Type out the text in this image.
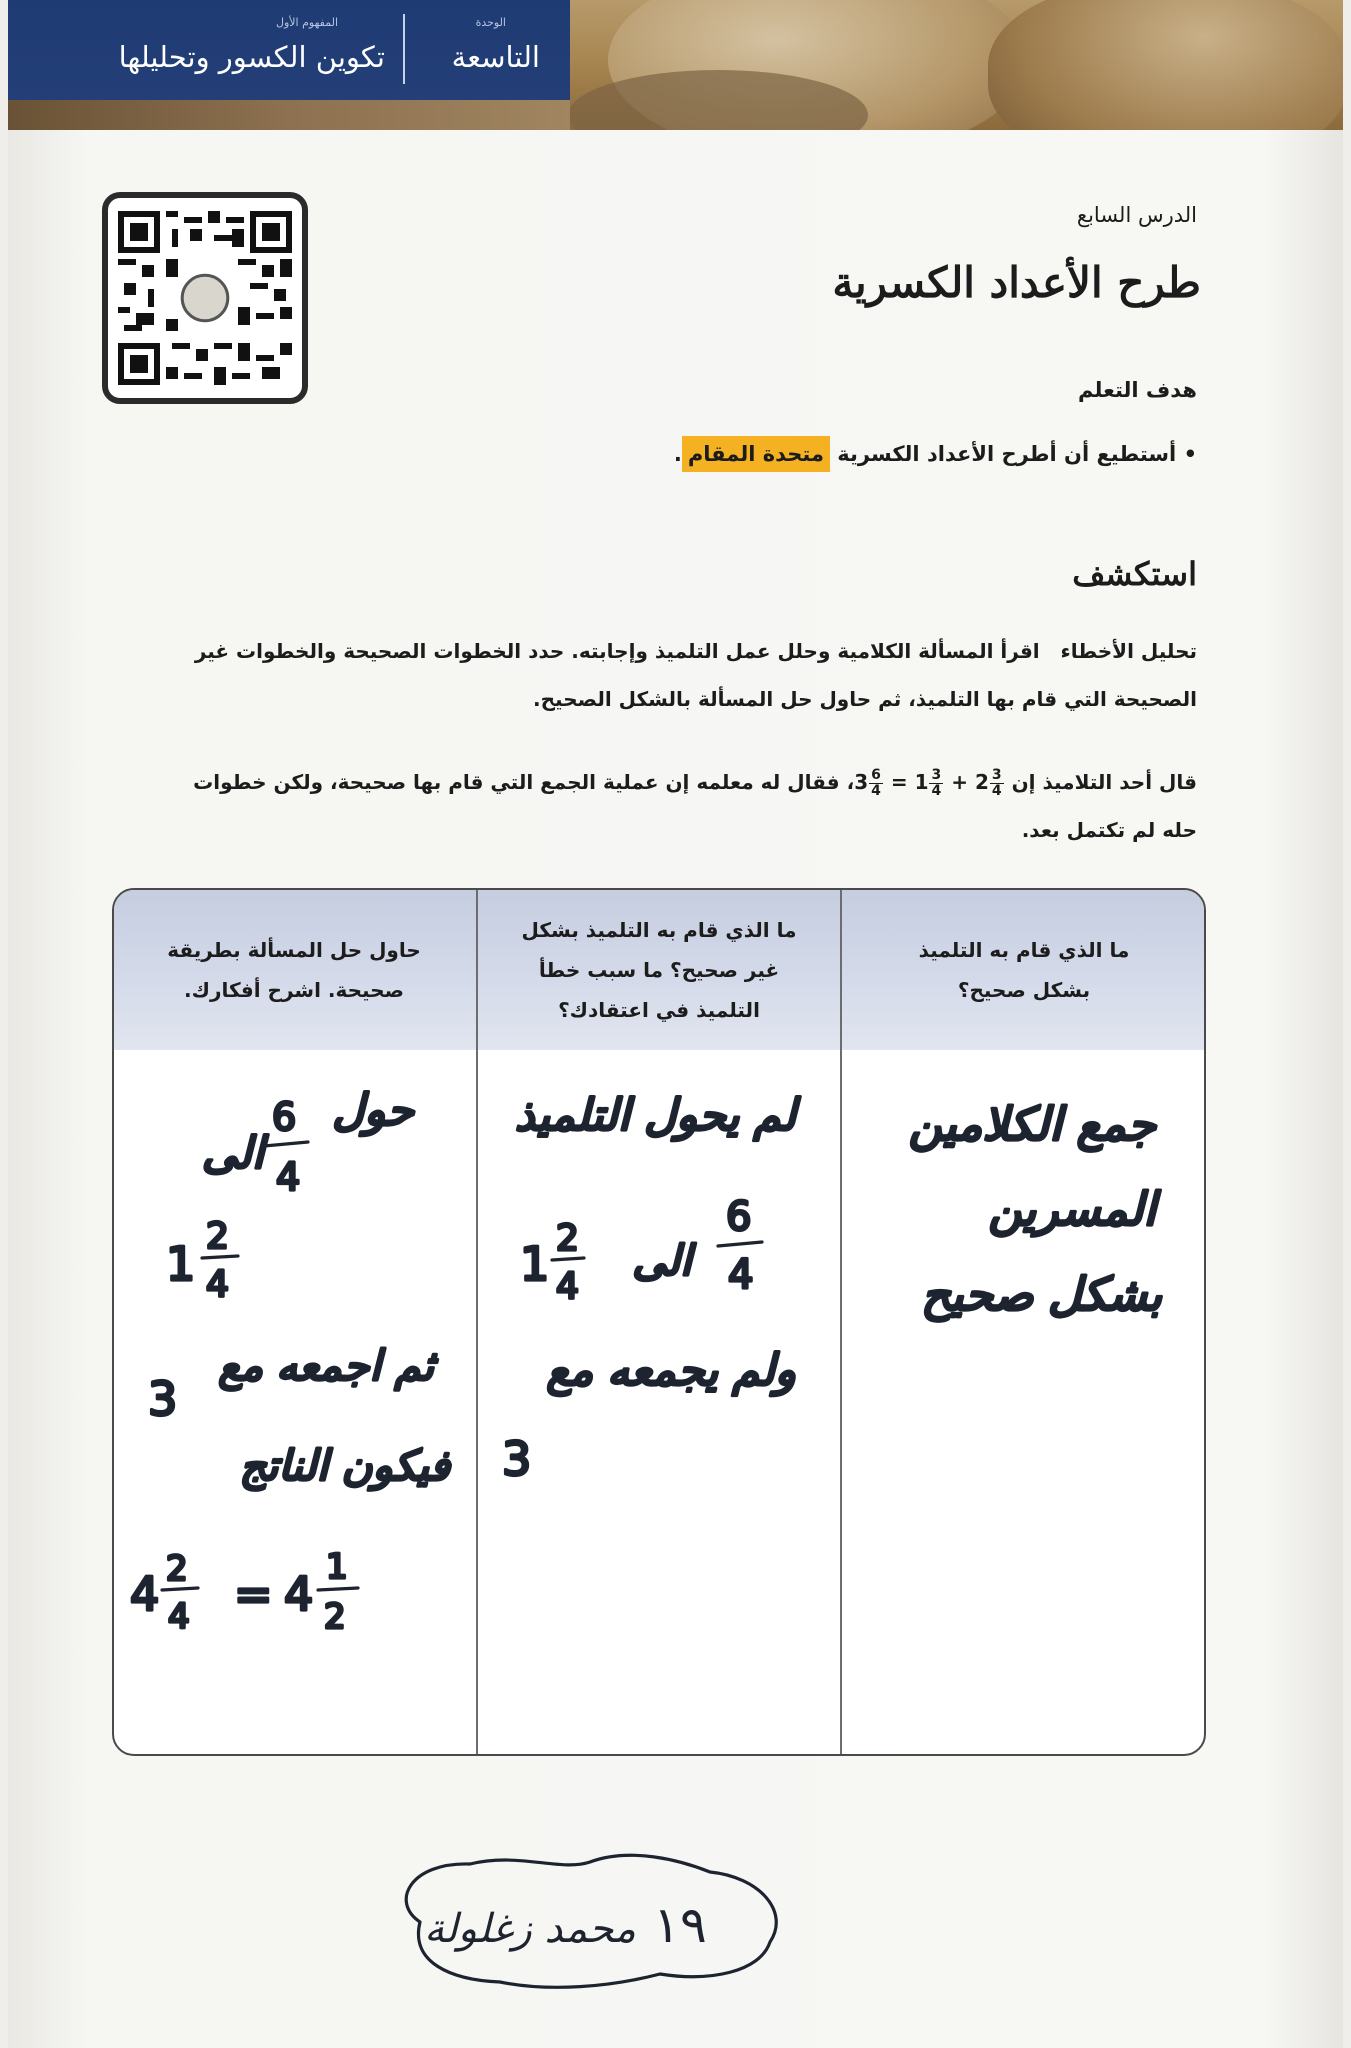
الوحدة
التاسعة
المفهوم الأول
تكوين الكسور وتحليلها
الدرس السابع
طرح الأعداد الكسرية
هدف التعلم
• أستطيع أن أطرح الأعداد الكسرية متحدة المقام.
استكشف
تحليل الأخطاء   اقرأ المسألة الكلامية وحلل عمل التلميذ وإجابته. حدد الخطوات الصحيحة والخطوات غير الصحيحة التي قام بها التلميذ، ثم حاول حل المسألة بالشكل الصحيح.
قال أحد التلاميذ إن $3 \frac{6}{4} = 1 \frac{3}{4} + 2 \frac{3}{4}$
، فقال له معلمه إن عملية الجمع التي قام بها صحيحة، ولكن خطوات حله لم تكتمل بعد.
ما الذي قام به التلميذ بشكل صحيح؟
ما الذي قام به التلميذ بشكل غير صحيح؟ ما سبب خطأ التلميذ في اعتقادك؟
حاول حل المسألة بطريقة صحيحة. اشرح أفكارك.
جمع الكلامين
المسرين
بشكل صحيح
لم يحول التلميذ
1 2
4
الى
6
4
ولم يجمعه مع
3
حول
الى
6
4
1
2
4
ثم اجمعه مع
3
فيكون الناتج
4 2
4 = 4 1
2
١٩
محمد زغلولة
